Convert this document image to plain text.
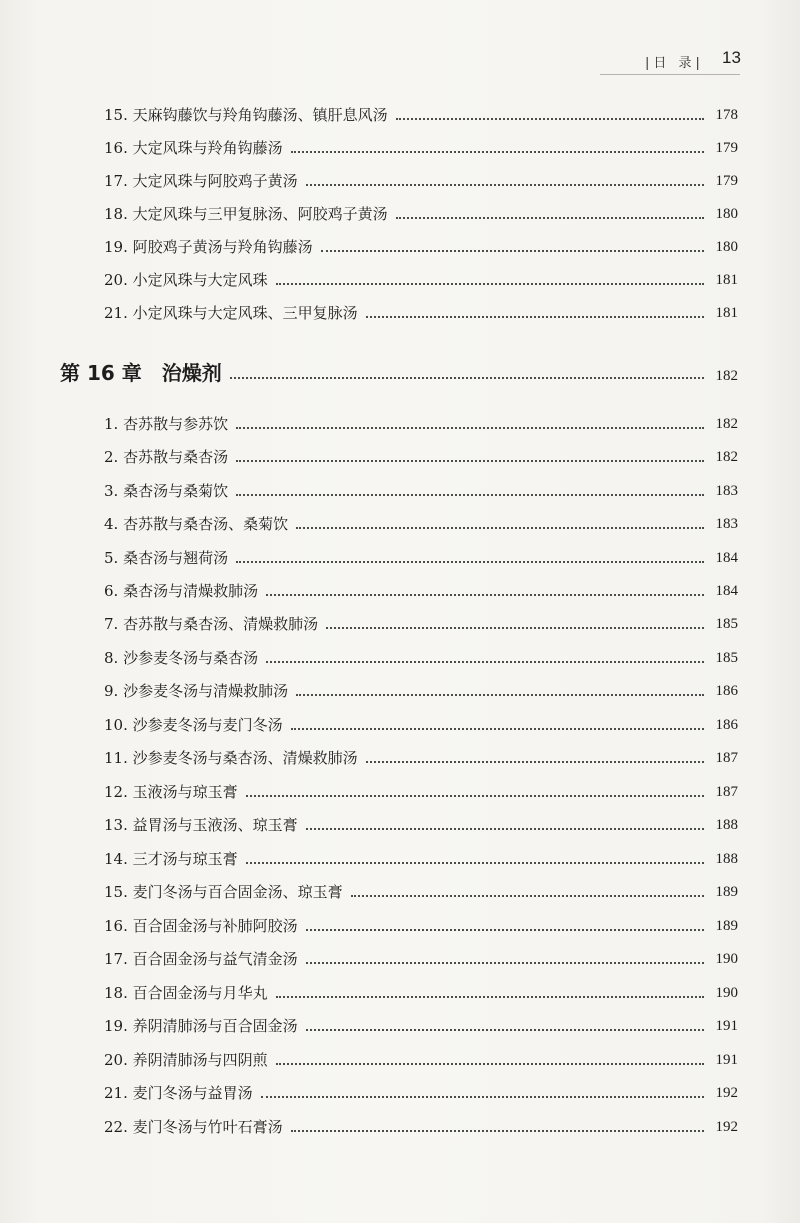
|日 录| 13
15. 天麻钩藤饮与羚角钩藤汤、镇肝息风汤	178
16. 大定风珠与羚角钩藤汤	179
17. 大定风珠与阿胶鸡子黄汤	179
18. 大定风珠与三甲复脉汤、阿胶鸡子黄汤	180
19. 阿胶鸡子黄汤与羚角钩藤汤	180
20. 小定风珠与大定风珠	181
21. 小定风珠与大定风珠、三甲复脉汤	181
第 16 章 治燥剂	182
1. 杏苏散与参苏饮	182
2. 杏苏散与桑杏汤	182
3. 桑杏汤与桑菊饮	183
4. 杏苏散与桑杏汤、桑菊饮	183
5. 桑杏汤与翘荷汤	184
6. 桑杏汤与清燥救肺汤	184
7. 杏苏散与桑杏汤、清燥救肺汤	185
8. 沙参麦冬汤与桑杏汤	185
9. 沙参麦冬汤与清燥救肺汤	186
10. 沙参麦冬汤与麦门冬汤	186
11. 沙参麦冬汤与桑杏汤、清燥救肺汤	187
12. 玉液汤与琼玉膏	187
13. 益胃汤与玉液汤、琼玉膏	188
14. 三才汤与琼玉膏	188
15. 麦门冬汤与百合固金汤、琼玉膏	189
16. 百合固金汤与补肺阿胶汤	189
17. 百合固金汤与益气清金汤	190
18. 百合固金汤与月华丸	190
19. 养阴清肺汤与百合固金汤	191
20. 养阴清肺汤与四阴煎	191
21. 麦门冬汤与益胃汤	192
22. 麦门冬汤与竹叶石膏汤	192
